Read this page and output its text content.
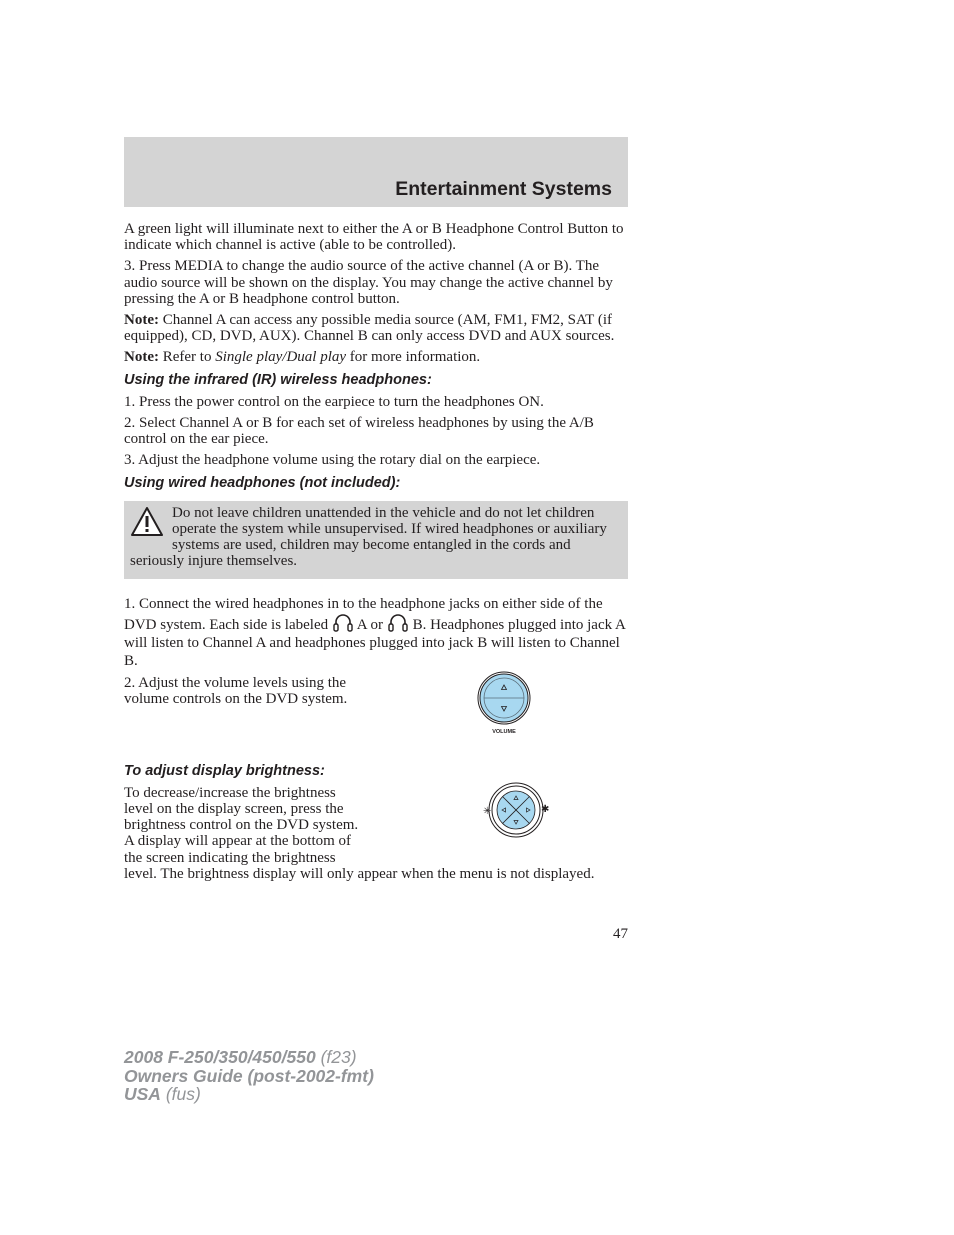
Entertainment Systems

A green light will illuminate next to either the A or B Headphone Control Button to indicate which channel is active (able to be controlled).

3. Press MEDIA to change the audio source of the active channel (A or B). The audio source will be shown on the display. You may change the active channel by pressing the A or B headphone control button.

Note: Channel A can access any possible media source (AM, FM1, FM2, SAT (if equipped), CD, DVD, AUX). Channel B can only access DVD and AUX sources.

Note: Refer to Single play/Dual play for more information.

Using the infrared (IR) wireless headphones:

1. Press the power control on the earpiece to turn the headphones ON.

2. Select Channel A or B for each set of wireless headphones by using the A/B control on the ear piece.

3. Adjust the headphone volume using the rotary dial on the earpiece.

Using wired headphones (not included):
Do not leave children unattended in the vehicle and do not let children operate the system while unsupervised. If wired headphones or auxiliary systems are used, children may become entangled in the cords and seriously injure themselves.

1. Connect the wired headphones in to the headphone jacks on either side of the DVD system. Each side is labeled  A or  B. Headphones plugged into jack A will listen to Channel A and headphones plugged into jack B will listen to Channel B.

2. Adjust the volume levels using the volume controls on the DVD system.

VOLUME
To adjust display brightness:
✳	✱

To decrease/increase the brightness level on the display screen, press the brightness control on the DVD system. A display will appear at the bottom of the screen indicating the brightness level. The brightness display will only appear when the menu is not displayed.

47
2008 F-250/350/450/550 (f23)
Owners Guide (post-2002-fmt)
USA (fus)
